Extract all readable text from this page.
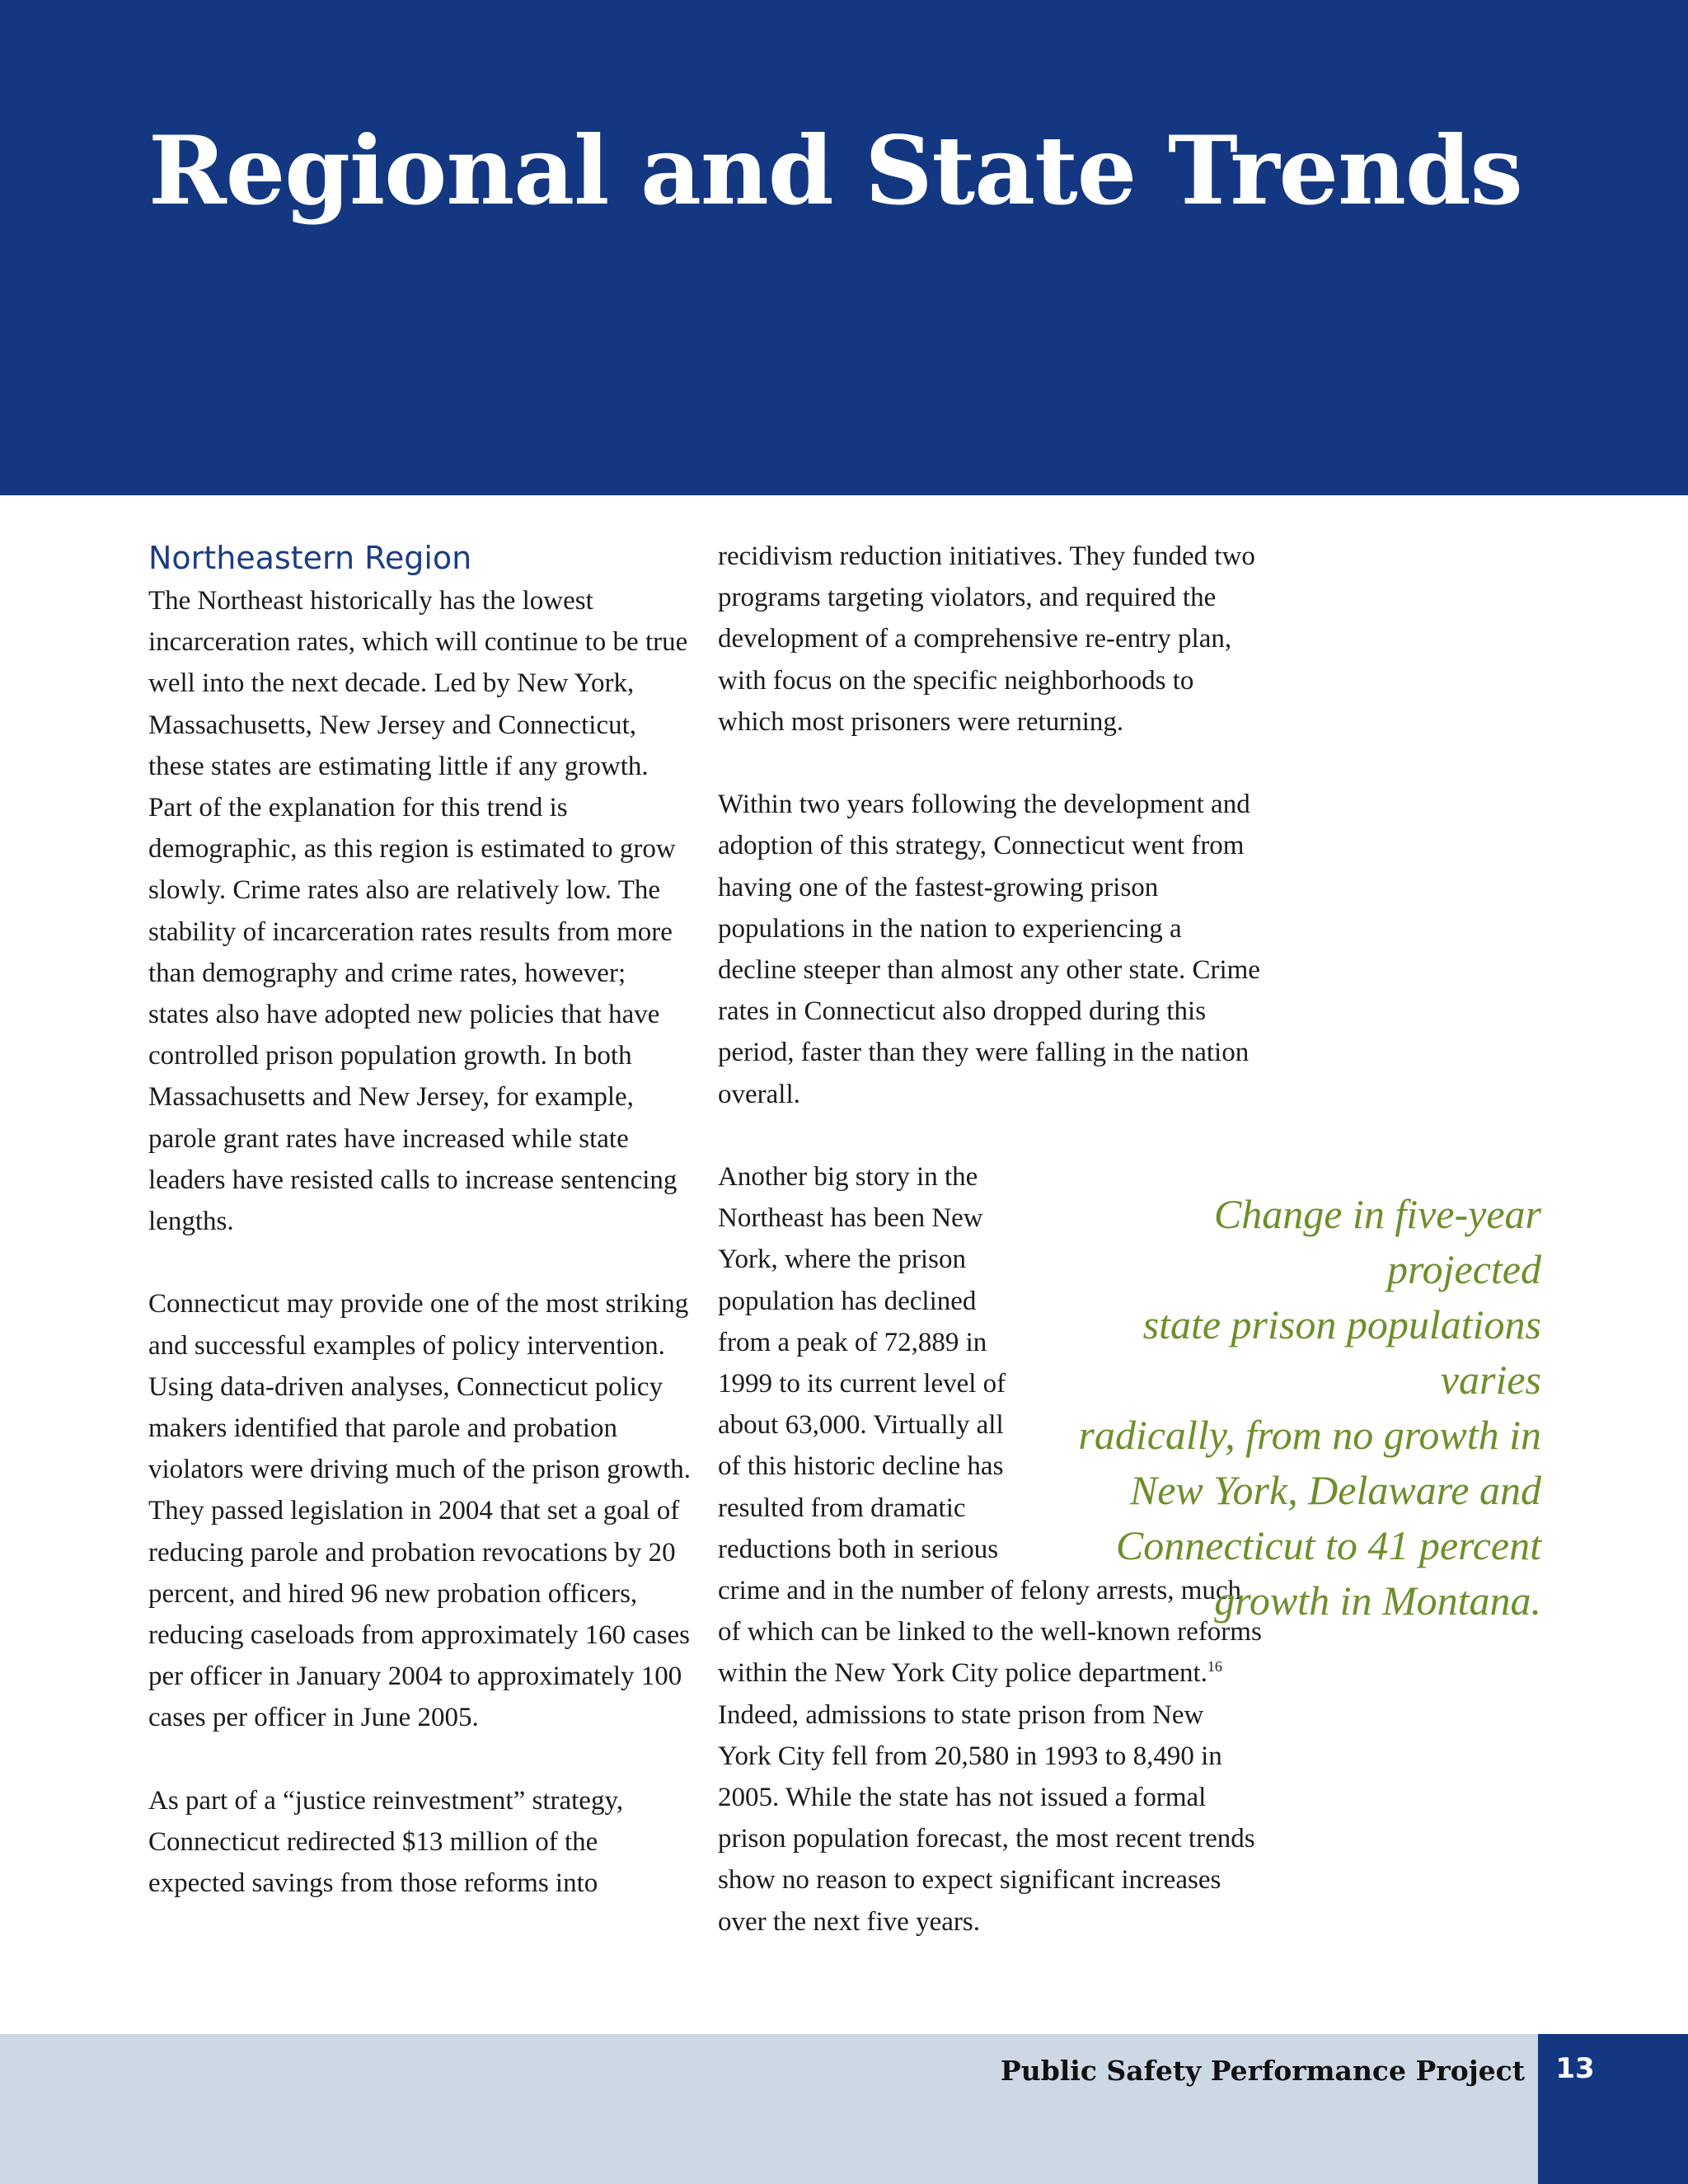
Regional and State Trends

Northeastern Region

The Northeast historically has the lowest incarceration rates, which will continue to be true well into the next decade. Led by New York, Massachusetts, New Jersey and Connecticut, these states are estimating little if any growth. Part of the explanation for this trend is demographic, as this region is estimated to grow slowly. Crime rates also are relatively low. The stability of incarceration rates results from more than demography and crime rates, however; states also have adopted new policies that have controlled prison population growth. In both Massachusetts and New Jersey, for example, parole grant rates have increased while state leaders have resisted calls to increase sentencing lengths.

Connecticut may provide one of the most striking and successful examples of policy intervention. Using data-driven analyses, Connecticut policy makers identified that parole and probation violators were driving much of the prison growth. They passed legislation in 2004 that set a goal of reducing parole and probation revocations by 20 percent, and hired 96 new probation officers, reducing caseloads from approximately 160 cases per officer in January 2004 to approximately 100 cases per officer in June 2005.

As part of a “justice reinvestment” strategy, Connecticut redirected $13 million of the expected savings from those reforms into

recidivism reduction initiatives. They funded two programs targeting violators, and required the development of a comprehensive re-entry plan, with focus on the specific neighborhoods to which most prisoners were returning.

Within two years following the development and adoption of this strategy, Connecticut went from having one of the fastest-growing prison populations in the nation to experiencing a decline steeper than almost any other state. Crime rates in Connecticut also dropped during this period, faster than they were falling in the nation overall.

Another big story in the
Northeast has been New
York, where the prison
population has declined
from a peak of 72,889 in
1999 to its current level of
about 63,000. Virtually all
of this historic decline has
resulted from dramatic
reductions both in serious

crime and in the number of felony arrests, much of which can be linked to the well-known reforms within the New York City police department.$^{16}$ Indeed, admissions to state prison from New York City fell from 20,580 in 1993 to 8,490 in 2005. While the state has not issued a formal prison population forecast, the most recent trends show no reason to expect significant increases over the next five years.

Change in five-year projected

state prison populations varies

radically, from no growth in

New York, Delaware and

Connecticut to 41 percent

growth in Montana.

Public Safety Performance Project	13
